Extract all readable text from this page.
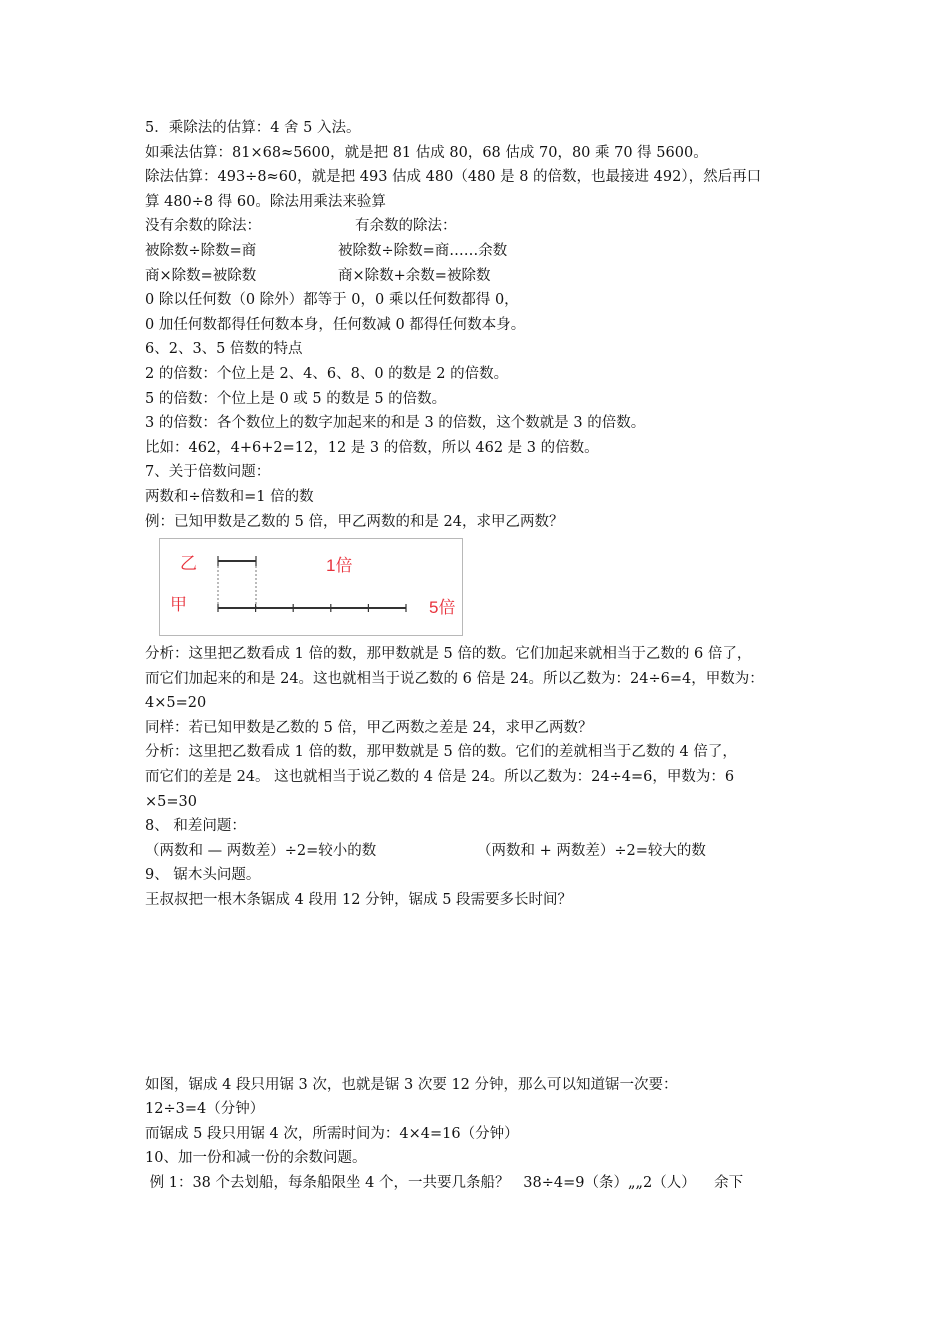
5．乘除法的估算：4 舍 5 入法。
如乘法估算：81×68≈5600，就是把 81 估成 80，68 估成 70，80 乘 70 得 5600。
除法估算：493÷8≈60，就是把 493 估成 480（480 是 8 的倍数，也最接进 492），然后再口
算 480÷8 得 60。除法用乘法来验算
没有余数的除法：	有余数的除法：
被除数÷除数=商	被除数÷除数=商……余数
商×除数=被除数	商×除数+余数=被除数
0 除以任何数（0 除外）都等于 0，0 乘以任何数都得 0，
0 加任何数都得任何数本身，任何数减 0 都得任何数本身。
6、2、3、5 倍数的特点
2 的倍数：个位上是 2、4、6、8、0 的数是 2 的倍数。
5 的倍数：个位上是 0 或 5 的数是 5 的倍数。
3 的倍数：各个数位上的数字加起来的和是 3 的倍数，这个数就是 3 的倍数。
比如：462，4+6+2=12，12 是 3 的倍数，所以 462 是 3 的倍数。
7、关于倍数问题：
两数和÷倍数和=1 倍的数
例：已知甲数是乙数的 5 倍，甲乙两数的和是 24，求甲乙两数？
乙
甲
1倍
5倍
分析：这里把乙数看成 1 倍的数，那甲数就是 5 倍的数。它们加起来就相当于乙数的 6 倍了，
而它们加起来的和是 24。这也就相当于说乙数的 6 倍是 24。所以乙数为：24÷6=4，甲数为：
4×5=20
同样：若已知甲数是乙数的 5 倍，甲乙两数之差是 24，求甲乙两数？
分析：这里把乙数看成 1 倍的数，那甲数就是 5 倍的数。它们的差就相当于乙数的 4 倍了，
而它们的差是 24。 这也就相当于说乙数的 4 倍是 24。所以乙数为：24÷4=6，甲数为：6
×5=30
8、 和差问题：
（两数和 — 两数差）÷2=较小的数	（两数和 + 两数差）÷2=较大的数
9、 锯木头问题。
王叔叔把一根木条锯成 4 段用 12 分钟，锯成 5 段需要多长时间？
如图，锯成 4 段只用锯 3 次，也就是锯 3 次要 12 分钟，那么可以知道锯一次要：
12÷3=4（分钟）
而锯成 5 段只用锯 4 次，所需时间为：4×4=16（分钟）
10、加一份和减一份的余数问题。
例 1：38 个去划船，每条船限坐 4 个，一共要几条船？   38÷4=9（条）„„2（人）    余下
